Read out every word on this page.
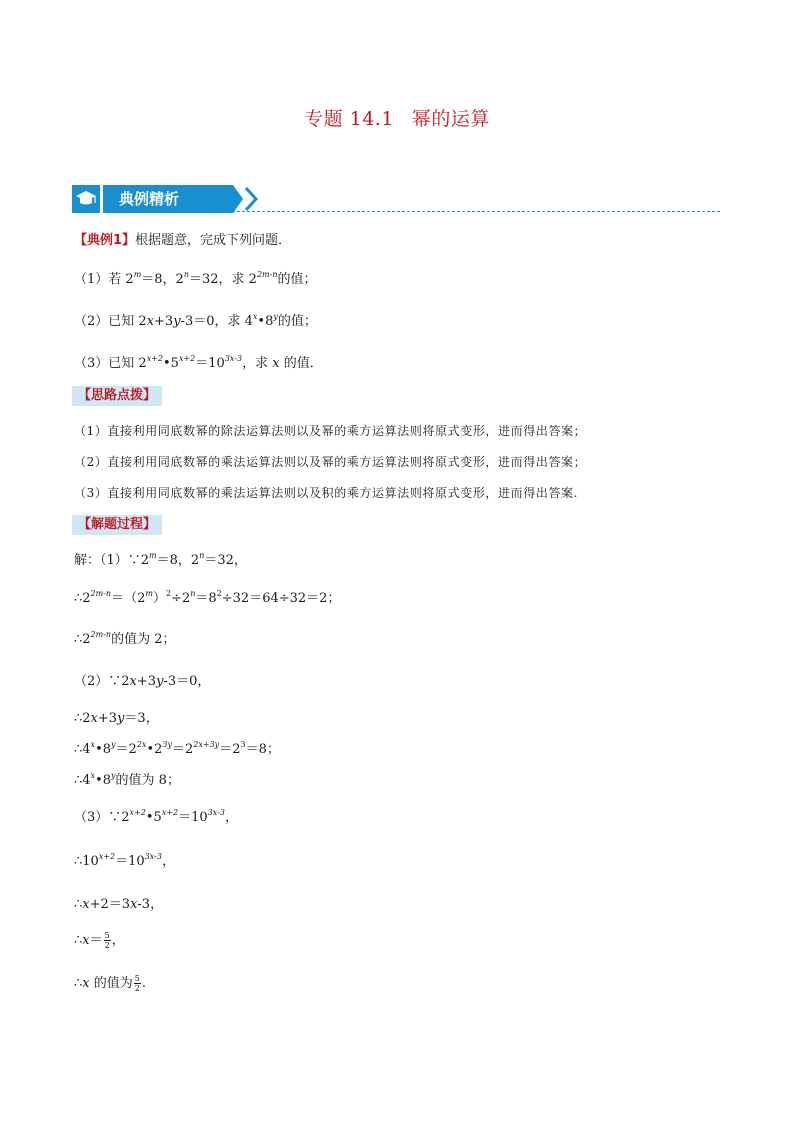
专题 14.1 幂的运算
典例精析
【典例1】根据题意，完成下列问题．
（1）若 $2^m=8$，$2^n=32$，求 $2^{2m-n}$的值；
（2）已知 2x+3y-3＝0，求 4$^x$•8$^y$的值；
（3）已知 $2^{x+2}•5^{x+2}=10^{3x-3}$，求 x 的值．
【思路点拨】
（1）直接利用同底数幂的除法运算法则以及幂的乘方运算法则将原式变形，进而得出答案；
（2）直接利用同底数幂的乘法运算法则以及幂的乘方运算法则将原式变形，进而得出答案；
（3）直接利用同底数幂的乘法运算法则以及积的乘方运算法则将原式变形，进而得出答案.
【解题过程】
解：$(1)\because 2^m=8$，$2^n=32$，
$\therefore 2^{2m-n}=(2^m)^2\div 2^n=8^2\div 32=64\div 32=2$；
$\therefore 2^{2m-n}$的值为 2；
（2）∵2x+3y-3＝0，
∴2x+3y＝3，
$\therefore 4^x•8^y=2^{2x}•2^{3y}=2^{2x+3y}=2^3=8$；
∴4$^x$•8$^y$的值为 8；
$(3)\because 2^{x+2}•5^{x+2}=10^{3x-3}$，
$\therefore 10^{x+2}=10^{3x-3}$，
∴x+2＝3x-3，
∴x＝ $\frac{5}{2}$ ，
∴x 的值为 $\frac{5}{2}$ .
